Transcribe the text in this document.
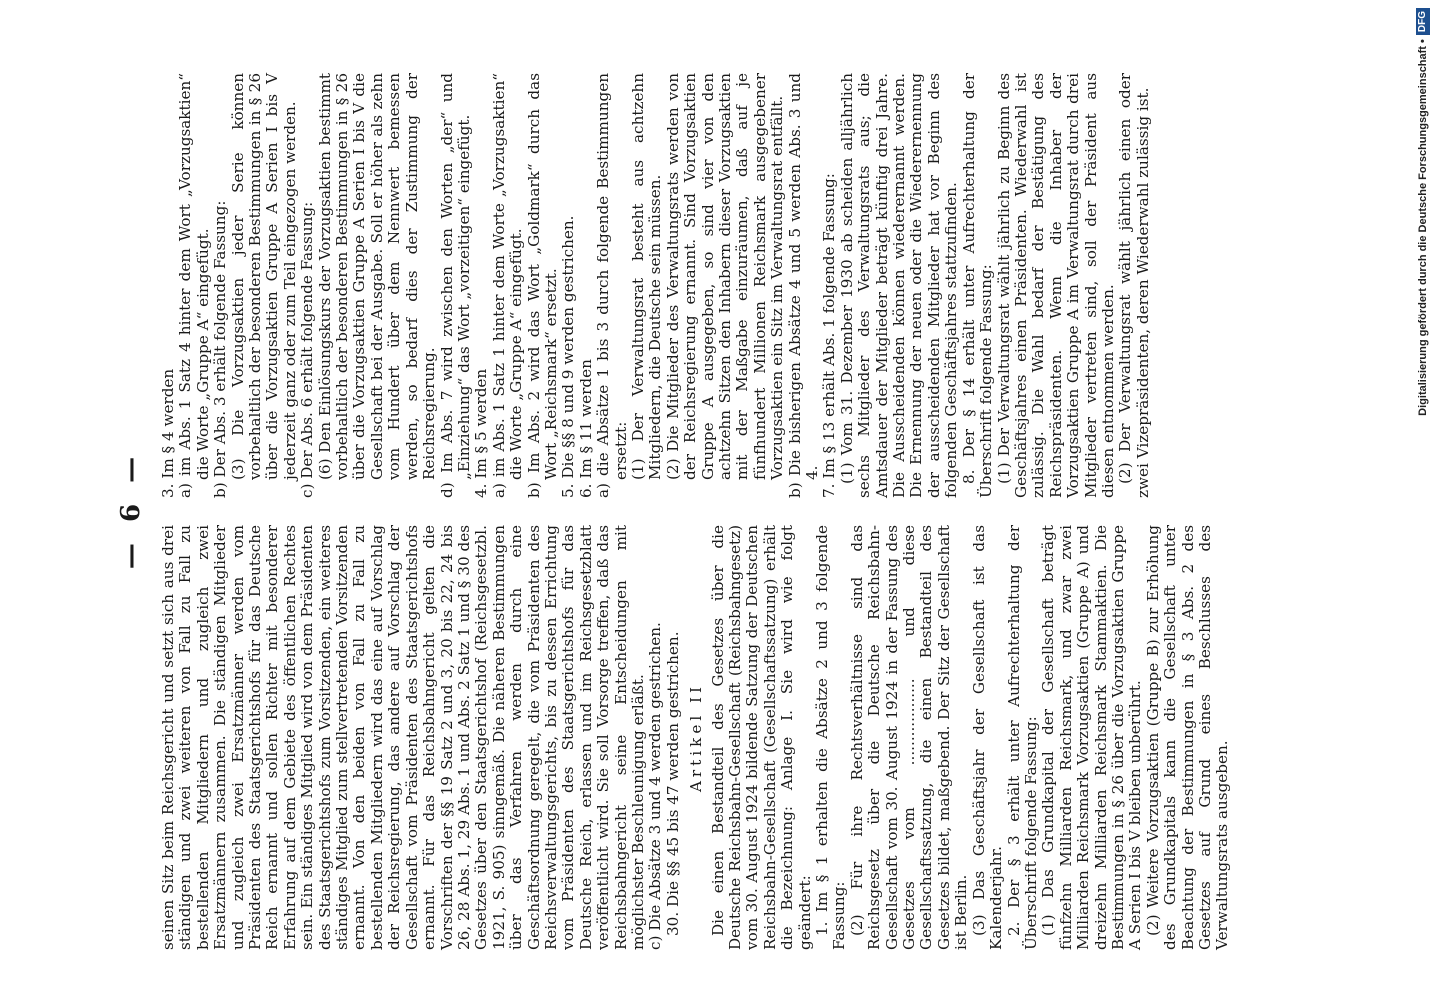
— 6 —

seinen Sitz beim Reichsgericht und setzt sich aus drei ständigen und zwei weiteren von Fall zu Fall zu bestellenden Mitgliedern und zugleich zwei Ersatzmännern zusammen. Die ständigen Mitglieder und zugleich zwei Ersatzmänner werden vom Präsidenten des Staatsgerichtshofs für das Deutsche Reich ernannt und sollen Richter mit besonderer Erfahrung auf dem Gebiete des öffentlichen Rechtes sein. Ein ständiges Mitglied wird von dem Präsidenten des Staatsgerichtshofs zum Vorsitzenden, ein weiteres ständiges Mitglied zum stellvertretenden Vorsitzenden ernannt. Von den beiden von Fall zu Fall zu bestellenden Mitgliedern wird das eine auf Vorschlag der Reichsregierung, das andere auf Vorschlag der Gesellschaft vom Präsidenten des Staatsgerichtshofs ernannt. Für das Reichsbahngericht gelten die Vorschriften der §§ 19 Satz 2 und 3, 20 bis 22, 24 bis 26, 28 Abs. 1, 29 Abs. 1 und Abs. 2 Satz 1 und § 30 des Gesetzes über den Staatsgerichtshof (Reichsgesetzbl. 1921, S. 905) sinngemäß. Die näheren Bestimmungen über das Verfahren werden durch eine Geschäftsordnung geregelt, die vom Präsidenten des Reichsverwaltungsgerichts, bis zu dessen Errichtung vom Präsidenten des Staatsgerichtshofs für das Deutsche Reich, erlassen und im Reichsgesetzblatt veröffentlicht wird. Sie soll Vorsorge treffen, daß das Reichsbahngericht seine Entscheidungen mit möglichster Beschleunigung erläßt. c) Die Absätze 3 und 4 werden gestrichen. 30. Die §§ 45 bis 47 werden gestrichen. Artikel II Die einen Bestandteil des Gesetzes über die Deutsche Reichsbahn-Gesellschaft (Reichsbahngesetz) vom 30. August 1924 bildende Satzung der Deutschen Reichsbahn-Gesellschaft (Gesellschaftssatzung) erhält die Bezeichnung: Anlage I. Sie wird wie folgt geändert: 1. Im § 1 erhalten die Absätze 2 und 3 folgende Fassung: (2) Für ihre Rechtsverhältnisse sind das Reichsgesetz über die Deutsche Reichsbahn-Gesellschaft vom 30. August 1924 in der Fassung des Gesetzes vom .................. und diese Gesellschaftssatzung, die einen Bestandteil des Gesetzes bildet, maßgebend. Der Sitz der Gesellschaft ist Berlin. (3) Das Geschäftsjahr der Gesellschaft ist das Kalenderjahr. 2. Der § 3 erhält unter Aufrechterhaltung der Überschrift folgende Fassung: (1) Das Grundkapital der Gesellschaft beträgt fünfzehn Milliarden Reichsmark, und zwar zwei Milliarden Reichsmark Vorzugsaktien (Gruppe A) und dreizehn Milliarden Reichsmark Stammaktien. Die Bestimmungen in § 26 über die Vorzugsaktien Gruppe A Serien I bis V bleiben unberührt. (2) Weitere Vorzugsaktien (Gruppe B) zur Erhöhung des Grundkapitals kann die Gesellschaft unter Beachtung der Bestimmungen in § 3 Abs. 2 des Gesetzes auf Grund eines Beschlusses des Verwaltungsrats ausgeben.

3. Im § 4 werden a) im Abs. 1 Satz 4 hinter dem Wort „Vorzugsaktien“ die Worte „Gruppe A“ eingefügt. b) Der Abs. 3 erhält folgende Fassung: (3) Die Vorzugsaktien jeder Serie können vorbehaltlich der besonderen Bestimmungen in § 26 über die Vorzugsaktien Gruppe A Serien I bis V jederzeit ganz oder zum Teil eingezogen werden. c) Der Abs. 6 erhält folgende Fassung: (6) Den Einlösungskurs der Vorzugsaktien bestimmt vorbehaltlich der besonderen Bestimmungen in § 26 über die Vorzugsaktien Gruppe A Serien I bis V die Gesellschaft bei der Ausgabe. Soll er höher als zehn vom Hundert über dem Nennwert bemessen werden, so bedarf dies der Zustimmung der Reichsregierung. d) Im Abs. 7 wird zwischen den Worten „der“ und „Einziehung“ das Wort „vorzeitigen“ eingefügt. 4. Im § 5 werden a) im Abs. 1 Satz 1 hinter dem Worte „Vorzugsaktien“ die Worte „Gruppe A“ eingefügt. b) Im Abs. 2 wird das Wort „Goldmark“ durch das Wort „Reichsmark“ ersetzt. 5. Die §§ 8 und 9 werden gestrichen. 6. Im § 11 werden a) die Absätze 1 bis 3 durch folgende Bestimmungen ersetzt: (1) Der Verwaltungsrat besteht aus achtzehn Mitgliedern, die Deutsche sein müssen. (2) Die Mitglieder des Verwaltungsrats werden von der Reichsregierung ernannt. Sind Vorzugsaktien Gruppe A ausgegeben, so sind vier von den achtzehn Sitzen den Inhabern dieser Vorzugsaktien mit der Maßgabe einzuräumen, daß auf je fünfhundert Millionen Reichsmark ausgegebener Vorzugsaktien ein Sitz im Verwaltungsrat entfällt. b) Die bisherigen Absätze 4 und 5 werden Abs. 3 und 4. 7. Im § 13 erhält Abs. 1 folgende Fassung: (1) Vom 31. Dezember 1930 ab scheiden alljährlich sechs Mitglieder des Verwaltungsrats aus; die Amtsdauer der Mitglieder beträgt künftig drei Jahre. Die Ausscheidenden können wiederernannt werden. Die Ernennung der neuen oder die Wiederernennung der ausscheidenden Mitglieder hat vor Beginn des folgenden Geschäftsjahres stattzufinden. 8. Der § 14 erhält unter Aufrechterhaltung der Überschrift folgende Fassung: (1) Der Verwaltungsrat wählt jährlich zu Beginn des Geschäftsjahres einen Präsidenten. Wiederwahl ist zulässig. Die Wahl bedarf der Bestätigung des Reichspräsidenten. Wenn die Inhaber der Vorzugsaktien Gruppe A im Verwaltungsrat durch drei Mitglieder vertreten sind, soll der Präsident aus diesen entnommen werden. (2) Der Verwaltungsrat wählt jährlich einen oder zwei Vizepräsidenten, deren Wiederwahl zulässig ist.	Digitalisierung gefördert durch die Deutsche Forschungsgemeinschaft •DFG
